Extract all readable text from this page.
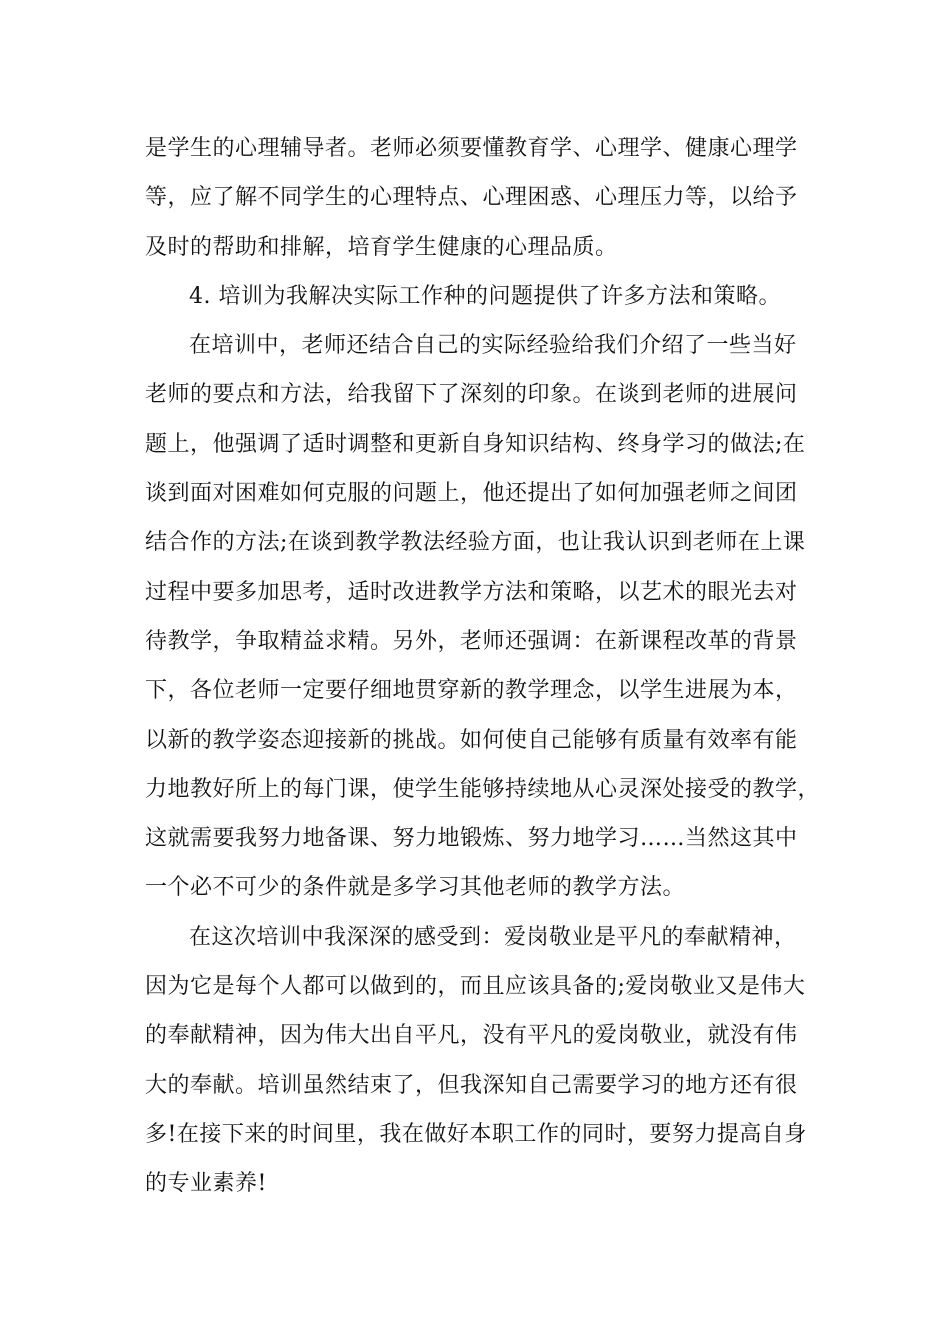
是学生的心理辅导者。老师必须要懂教育学、心理学、健康心理学
等，应了解不同学生的心理特点、心理困惑、心理压力等，以给予
及时的帮助和排解，培育学生健康的心理品质。
4. 培训为我解决实际工作种的问题提供了许多方法和策略。
在培训中，老师还结合自己的实际经验给我们介绍了一些当好
老师的要点和方法，给我留下了深刻的印象。在谈到老师的进展问
题上，他强调了适时调整和更新自身知识结构、终身学习的做法;在
谈到面对困难如何克服的问题上，他还提出了如何加强老师之间团
结合作的方法;在谈到教学教法经验方面，也让我认识到老师在上课
过程中要多加思考，适时改进教学方法和策略，以艺术的眼光去对
待教学，争取精益求精。另外，老师还强调：在新课程改革的背景
下，各位老师一定要仔细地贯穿新的教学理念，以学生进展为本，
以新的教学姿态迎接新的挑战。如何使自己能够有质量有效率有能
力地教好所上的每门课，使学生能够持续地从心灵深处接受的教学，
这就需要我努力地备课、努力地锻炼、努力地学习……当然这其中
一个必不可少的条件就是多学习其他老师的教学方法。
在这次培训中我深深的感受到：爱岗敬业是平凡的奉献精神，
因为它是每个人都可以做到的，而且应该具备的;爱岗敬业又是伟大
的奉献精神，因为伟大出自平凡，没有平凡的爱岗敬业，就没有伟
大的奉献。培训虽然结束了，但我深知自己需要学习的地方还有很
多!在接下来的时间里，我在做好本职工作的同时，要努力提高自身
的专业素养!
